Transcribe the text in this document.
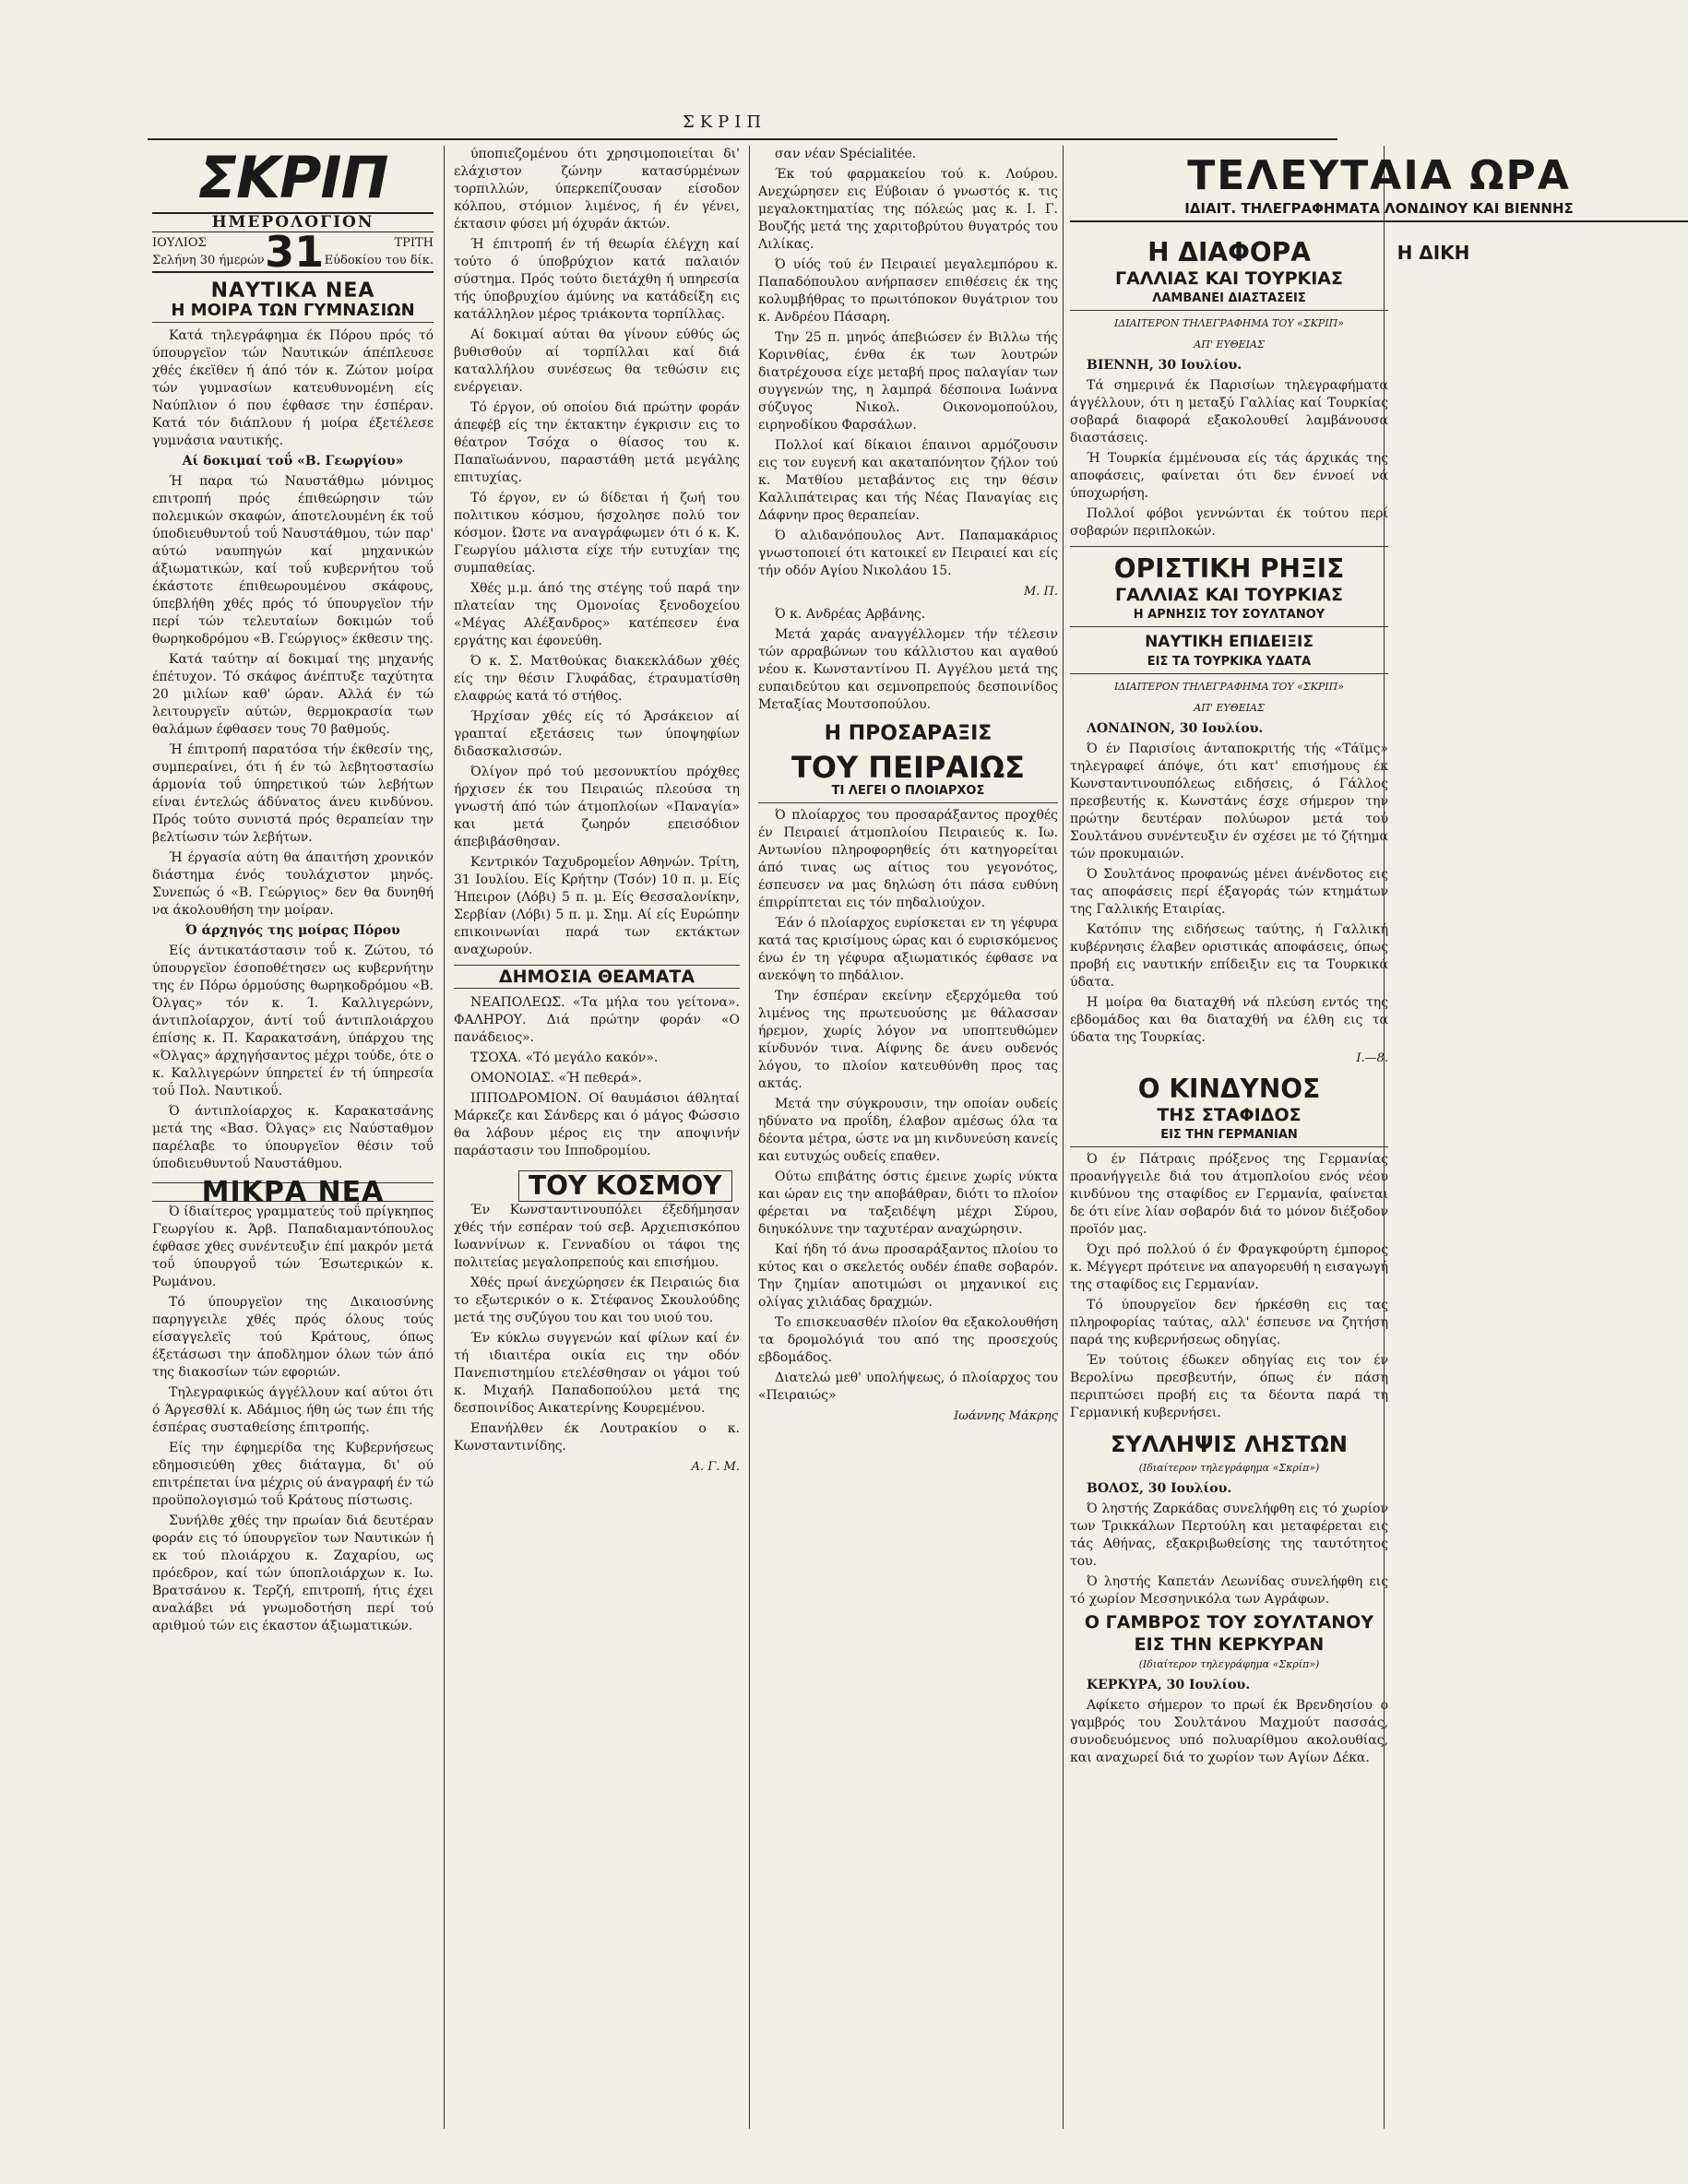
ΣΚΡΙΠ
ΣΚΡΙΠ
ΗΜΕΡΟΛΟΓΙΟΝ
ΙΟΥΛΙΟΣ
Σελήνη 30 ήμερών 31	ΤΡΙΤΗ
Εύδοκίου του δίκ.
ΝΑΥΤΙΚΑ ΝΕΑ
Η ΜΟΙΡΑ ΤΩΝ ΓΥΜΝΑΣΙΩΝ

Κατά τηλεγράφημα έκ Πόρου πρός τό ύπουργεϊον τών Ναυτικών άπέπλευσε χθές έκεϊθεν ή άπό τόν κ. Ζώτον μοίρα τών γυμνασίων κατευθυνομένη είς Ναύπλιον ό που έφθασε την έσπέραν. Κατά τόν διάπλουν ή μοίρα έξετέλεσε γυμνάσια ναυτικής.

Αί δοκιμαί τοΰ «Β. Γεωργίου»

Ή παρα τώ Ναυστάθμω μόνιμος επιτροπή πρός έπιθεώρησιν τών πολεμικών σκαφών, άποτελουμένη έκ τοΰ ύποδιευθυντοΰ τοΰ Ναυστάθμου, τών παρ' αύτώ ναυπηγών καί μηχανικών άξιωματικών, καί τοΰ κυβερνήτου τοΰ έκάστοτε έπιθεωρουμένου σκάφους, ύπεβλήθη χθές πρός τό ύπουργεϊον τήν περί τών τελευταίων δοκιμών τοΰ θωρηκοδρόμου «Β. Γεώργιος» έκθεσιν της.

Κατά ταύτην αί δοκιμαί της μηχανής έπέτυχον. Τό σκάφος άνέπτυξε ταχύτητα 20 μιλίων καθ' ώραν. Αλλά έν τώ λειτουργεϊν αύτών, θερμοκρασία των θαλάμων έφθασεν τους 70 βαθμούς.

Ή έπιτροπή παρατόσα τήν έκθεσίν της, συμπεραίνει, ότι ή έν τώ λεβητοστασίω άρμονία τοΰ ύπηρετικού τών λεβήτων είναι έντελώς άδύνατος άνευ κινδύνου. Πρός τούτο συνιστά πρός θεραπείαν την βελτίωσιν τών λεβήτων.

Ή έργασία αύτη θα άπαιτήση χρονικόν διάστημα ένός τουλάχιστον μηνός. Συνεπώς ό «Β. Γεώργιος» δεν θα δυνηθή να άκολουθήση την μοίραν.

Ό άρχηγός της μοίρας Πόρου

Είς άντικατάστασιν τοΰ κ. Ζώτου, τό ύπουργεϊον έσοποθέτησεν ως κυβερνήτην της έν Πόρω όρμούσης θωρηκοδρόμου «Β. Όλγας» τόν κ. Ί. Καλλιγερώνν, άντιπλοίαρχον, άντί τοΰ άντιπλοιάρχου έπίσης κ. Π. Καρακατσάνη, ύπάρχου της «Όλγας» άρχηγήσαντος μέχρι τούδε, ότε ο κ. Καλλιγερώνν ύπηρετεί έν τή ύπηρεσία τοΰ Πολ. Ναυτικοΰ.

Ό άντιπλοίαρχος κ. Καρακατσάνης μετά της «Βασ. Όλγας» εις Ναύσταθμον παρέλαβε το ύπουργεϊον θέσιν τοΰ ύποδιευθυντοΰ Ναυστάθμου.

ΜΙΚΡΑ ΝΕΑ

Ό ίδιαίτερος γραμματεύς τοΰ πρίγκηπος Γεωργίου κ. Άρβ. Παπαδιαμαντόπουλος έφθασε χθες συνέντευξιν έπί μακρόν μετά τοΰ ύπουργοΰ τών Έσωτερικών κ. Ρωμάνου.

Τό ύπουργεϊον της Δικαιοσύνης παρηγγειλε χθές πρός όλους τούς είσαγγελεϊς τού Κράτους, όπως έξετάσωσι την άποδλημον όλων τών άπό της διακοσίων τών εφοριών.

Τηλεγραφικώς άγγέλλουν καί αύτοι ότι ό Άργεσθλί κ. Αδάμιος ήθη ώς των έπι τής έσπέρας συσταθείσης έπιτροπής.

Είς την έφημερίδα της Κυβερνήσεως εδημοσιεύθη χθες διάταγμα, δι' ού επιτρέπεται ίνα μέχρις ού άναγραφή έν τώ προϋπολογισμώ τοΰ Κράτους πίστωσις.

Συνήλθε χθές την πρωίαν διά δευτέραν φοράν εις τό ύπουργεϊον των Ναυτικών ή εκ τού πλοιάρχου κ. Ζαχαρίου, ως πρόεδρον, καί τών ύποπλοιάρχων κ. Ιω. Βρατσάνου κ. Τερζή, επιτροπή, ήτις έχει αναλάβει νά γνωμοδοτήση περί τού αριθμού τών εις έκαστον άξιωματικών.

ύποπιεζομένου ότι χρησιμοποιείται δι' ελάχιστον ζώνην κατασύρμένων τορπιλλών, ύπερκεπίζουσαν είσοδον κόλπου, στόμιον λιμένος, ή έν γένει, έκτασιν φύσει μή όχυράν άκτών.

Ή έπιτροπή έν τή θεωρία έλέγχη καί τούτο ό ύποβρύχιον κατά παλαιόν σύστημα. Πρός τούτο διετάχθη ή υπηρεσία τής ύποβρυχίου άμύνης να κατάδείξη εις κατάλληλον μέρος τριάκοντα τορπίλλας.

Αί δοκιμαί αύται θα γίνουν εύθύς ώς βυθισθούν αί τορπίλλαι καί διά καταλλήλου συνέσεως θα τεθώσιν εις ενέργειαν.

Τό έργον, ού οποίου διά πρώτην φοράν άπεφέβ είς την έκτακτην έγκρισιν εις το θέατρον Τσόχα ο θίασος του κ. Παπαϊωάννου, παραστάθη μετά μεγάλης επιτυχίας.

Τό έργον, εν ώ δίδεται ή ζωή του πολιτικου κόσμου, ήσχολησε πολύ τον κόσμον. Ώστε να αναγράφωμεν ότι ό κ. Κ. Γεωργίου μάλιστα είχε τήν ευτυχίαν της συμπαθείας.

Χθές μ.μ. άπό της στέγης τοΰ παρά την πλατείαν της Ομονοίας ξενοδοχείου «Μέγας Αλέξανδρος» κατέπεσεν ένα εργάτης και έφονεύθη.

Ό κ. Σ. Ματθούκας διακεκλάδων χθές είς την θέσιν Γλυφάδας, έτραυματίσθη ελαφρώς κατά τό στήθος.

Ήρχίσαν χθές είς τό Άρσάκειον αί γραπταί εξετάσεις των ύποψηφίων διδασκαλισσών.

Όλίγον πρό τού μεσονυκτίου πρόχθες ήρχισεν έκ του Πειραιώς πλεούσα τη γνωστή άπό τών άτμοπλοίων «Παναγία» και μετά ζωηρόν επεισόδιον άπεβιβάσθησαν.

Κεντρικόν Ταχυδρομεΐον Αθηνών. Τρίτη, 31 Ιουλίου. Είς Κρήτην (Τσόν) 10 π. μ. Είς Ήπειρον (Λόβι) 5 π. μ. Είς Θεσσαλονίκην, Σερβίαν (Λόβι) 5 π. μ. Σημ. Αί είς Ευρώπην επικοινωνίαι παρά των εκτάκτων αναχωρούν.

ΔΗΜΟΣΙΑ ΘΕΑΜΑΤΑ

ΝΕΑΠΟΛΕΩΣ. «Τα μήλα του γείτονα». ΦΑΛΗΡΟΥ. Διά πρώτην φοράν «Ο πανάδειος».

ΤΣΟΧΑ. «Τό μεγάλο κακόν».

ΟΜΟΝΟΙΑΣ. «Ή πεθερά».

ΙΠΠΟΔΡΟΜΙΟΝ. Οί θαυμάσιοι άθληταί Μάρκεζε και Σάνδερς και ό μάγος Φώσσιο θα λάβουν μέρος εις την αποψινήν παράστασιν του Ιπποδρομίου.

ΤΟΥ ΚΟΣΜΟΥ

Έν Κωνσταντινουπόλει έξεδήμησαν χθές τήν εσπέραν τού σεβ. Αρχιεπισκόπου Ιωαννίνων κ. Γενναδίου οι τάφοι της πολιτείας μεγαλοπρεπούς και επισήμου.

Χθές πρωί άνεχώρησεν έκ Πειραιώς δια το εξωτερικόν ο κ. Στέφανος Σκουλούδης μετά της συζύγου του και του υιού του.

Έν κύκλω συγγενών καί φίλων καί έν τή ιδιαιτέρα οικία εις την οδόν Πανεπιστημίου ετελέσθησαν οι γάμοι τού κ. Μιχαήλ Παπαδοπούλου μετά της δεσποινίδος Αικατερίνης Κουρεμένου.

Επανήλθεν έκ Λουτρακίου ο κ. Κωνσταντινίδης.

Α. Γ. Μ.

σαν νέαν Spécialitée.

Έκ τού φαρμακείου τού κ. Λούρου. Ανεχώρησεν εις Εύβοιαν ό γνωστός κ. τις μεγαλοκτηματίας της πόλεώς μας κ. Ι. Γ. Βουζής μετά της χαριτοβρύτου θυγατρός του Λιλίκας.

Ό υίός τού έν Πειραιεί μεγαλεμπόρου κ. Παπαδόπουλου ανήρπασεν επιθέσεις έκ της κολυμβήθρας το πρωιτόποκον θυγάτριον του κ. Ανδρέου Πάσαρη.

Την 25 π. μηνός άπεβιώσεν έν Βιλλω τής Κορινθίας, ένθα έκ των λουτρών διατρέχουσα είχε μεταβή προς παλαγίαν των συγγενών της, η λαμπρά δέσποινα Ιωάννα σύζυγος Νικολ. Οικονομοπούλου, ειρηνοδίκου Φαρσάλων.

Πολλοί καί δίκαιοι έπαινοι αρμόζουσιν εις τον ευγενή και ακαταπόνητον ζήλον τού κ. Ματθίου μεταβάντος εις την θέσιν Καλλιπάτειρας και τής Νέας Παναγίας εις Δάφνην προς θεραπείαν.

Ό αλιδανόπουλος Αντ. Παπαμακάριος γνωστοποιεί ότι κατοικεί εν Πειραιεί και είς τήν οδόν Αγίου Νικολάου 15.

Μ. Π.

Ό κ. Ανδρέας Αρβάνης.

Μετά χαράς αναγγέλλομεν τήν τέλεσιν τών αρραβώνων του κάλλιστου και αγαθού νέου κ. Κωνσταντίνου Π. Αγγέλου μετά της ευπαιδεύτου και σεμνοπρεπούς δεσποινίδος Μεταξίας Μουτσοπούλου.

Η ΠΡΟΣΑΡΑΞΙΣ
ΤΟΥ ΠΕΙΡΑΙΩΣ
ΤΙ ΛΕΓΕΙ Ο ΠΛΟΙΑΡΧΟΣ

Ό πλοίαρχος του προσαράξαντος προχθές έν Πειραιεί άτμοπλοίου Πειραιεύς κ. Ιω. Αντωνίου πληροφορηθείς ότι κατηγορείται άπό τινας ως αίτιος του γεγονότος, έσπευσεν να μας δηλώση ότι πάσα ευθύνη έπιρρίπτεται εις τόν πηδαλιούχον.

Έάν ό πλοίαρχος ευρίσκεται εν τη γέφυρα κατά τας κρισίμους ώρας και ό ευρισκόμενος ένω έν τη γέφυρα αξιωματικός έφθασε να ανεκόψη το πηδάλιον.

Την έσπέραν εκείνην εξερχόμεθα τού λιμένος της πρωτευούσης με θάλασσαν ήρεμον, χωρίς λόγον να υποπτευθώμεν κίνδυνόν τινα. Αίφνης δε άνευ ουδενός λόγου, το πλοίον κατευθύνθη προς τας ακτάς.

Μετά την σύγκρουσιν, την οποίαν ουδείς ηδύνατο να προΐδη, έλαβον αμέσως όλα τα δέοντα μέτρα, ώστε να μη κινδυνεύση κανείς και ευτυχώς ουδείς επαθεν.

Ούτω επιβάτης όστις έμεινε χωρίς νύκτα και ώραν εις την αποβάθραν, διότι το πλοίον φέρεται να ταξειδέψη μέχρι Σύρου, διηυκόλυνε την ταχυτέραν αναχώρησιν.

Καί ήδη τό άνω προσαράξαντος πλοίου το κύτος και ο σκελετός ουδέν έπαθε σοβαρόν. Την ζημίαν αποτιμώσι οι μηχανικοί εις ολίγας χιλιάδας δραχμών.

Το επισκευασθέν πλοίον θα εξακολουθήση τα δρομολόγιά του από της προσεχούς εβδομάδος.

Διατελώ μεθ' υπολήψεως, ό πλοίαρχος του «Πειραιώς»

Ιωάννης Μάκρης
ΤΕΛΕΥΤΑΙΑ ΩΡΑ
ΙΔΙΑΙΤ. ΤΗΛΕΓΡΑΦΗΜΑΤΑ ΛΟΝΔΙΝΟΥ ΚΑΙ ΒΙΕΝΝΗΣ
Η ΔΙΑΦΟΡΑ
ΓΑΛΛΙΑΣ ΚΑΙ ΤΟΥΡΚΙΑΣ
ΛΑΜΒΑΝΕΙ ΔΙΑΣΤΑΣΕΙΣ
ΙΔΙΑΙΤΕΡΟΝ ΤΗΛΕΓΡΑΦΗΜΑ ΤΟΥ «ΣΚΡΙΠ»
ΑΠ' ΕΥΘΕΙΑΣ

ΒΙΕΝΝΗ, 30 Ιουλίου.

Τά σημερινά έκ Παρισίων τηλεγραφήματα άγγέλλουν, ότι η μεταξύ Γαλλίας καί Τουρκίας σοβαρά διαφορά εξακολουθεί λαμβάνουσα διαστάσεις.

Ή Τουρκία έμμένουσα είς τάς άρχικάς της αποφάσεις, φαίνεται ότι δεν έννοεί νά ύποχωρήση.

Πολλοί φόβοι γεννώνται έκ τούτου περί σοβαρών περιπλοκών.

ΟΡΙΣΤΙΚΗ ΡΗΞΙΣ
ΓΑΛΛΙΑΣ ΚΑΙ ΤΟΥΡΚΙΑΣ
Η ΑΡΝΗΣΙΣ ΤΟΥ ΣΟΥΛΤΑΝΟΥ
ΝΑΥΤΙΚΗ ΕΠΙΔΕΙΞΙΣ
ΕΙΣ ΤΑ ΤΟΥΡΚΙΚΑ ΥΔΑΤΑ
ΙΔΙΑΙΤΕΡΟΝ ΤΗΛΕΓΡΑΦΗΜΑ ΤΟΥ «ΣΚΡΙΠ»
ΑΠ' ΕΥΘΕΙΑΣ

ΛΟΝΔΙΝΟΝ, 30 Ιουλίου.

Ό έν Παρισίοις άνταποκριτής τής «Τάϊμς» τηλεγραφεί άπόψε, ότι κατ' επισήμους έκ Κωνσταντινουπόλεως ειδήσεις, ό Γάλλος πρεσβευτής κ. Κωνστάνς έσχε σήμερον την πρώτην δευτέραν πολύωρον μετά τού Σουλτάνου συνέντευξιν έν σχέσει με τό ζήτημα τών προκυμαιών.

Ό Σουλτάνος προφανώς μένει άνένδοτος εις τας αποφάσεις περί έξαγοράς τών κτημάτων της Γαλλικής Εταιρίας.

Κατόπιν της ειδήσεως ταύτης, ή Γαλλική κυβέρνησις έλαβεν οριστικάς αποφάσεις, όπως προβή εις ναυτικήν επίδειξιν εις τα Τουρκικά ύδατα.

Η μοίρα θα διαταχθή νά πλεύση εντός της εβδομάδος και θα διαταχθή να έλθη εις τα ύδατα της Τουρκίας.

Ι.—8.
Ο ΚΙΝΔΥΝΟΣ
ΤΗΣ ΣΤΑΦΙΔΟΣ
ΕΙΣ ΤΗΝ ΓΕΡΜΑΝΙΑΝ

Ό έν Πάτραις πρόξενος της Γερμανίας προανήγγειλε διά του άτμοπλοίου ενός νέου κινδύνου της σταφίδος εν Γερμανία, φαίνεται δε ότι είνε λίαν σοβαρόν διά το μόνον διέξοδον προϊόν μας.

Όχι πρό πολλού ό έν Φραγκφούρτη έμπορος κ. Μέγγερτ πρότεινε να απαγορευθή η εισαγωγή της σταφίδος εις Γερμανίαν.

Τό ύπουργεϊον δεν ήρκέσθη εις τας πληροφορίας ταύτας, αλλ' έσπευσε να ζητήση παρά της κυβερνήσεως οδηγίας.

Έν τούτοις έδωκεν οδηγίας εις τον έν Βερολίνω πρεσβευτήν, όπως έν πάση περιπτώσει προβή εις τα δέοντα παρά τη Γερμανική κυβερνήσει.

ΣΥΛΛΗΨΙΣ ΛΗΣΤΩΝ
(Ιδιαίτερον τηλεγράφημα «Σκρίπ»)

ΒΟΛΟΣ, 30 Ιουλίου.

Ό ληστής Ζαρκάδας συνελήφθη εις τό χωρίον των Τρικκάλων Περτούλη και μεταφέρεται εις τάς Αθήνας, εξακριβωθείσης της ταυτότητος του.

Ό ληστής Καπετάν Λεωνίδας συνελήφθη εις τό χωρίον Μεσσηνικόλα των Αγράφων.

Ο ΓΑΜΒΡΟΣ ΤΟΥ ΣΟΥΛΤΑΝΟΥ
ΕΙΣ ΤΗΝ ΚΕΡΚΥΡΑΝ
(Ιδιαίτερον τηλεγράφημα «Σκρίπ»)

ΚΕΡΚΥΡΑ, 30 Ιουλίου.

Αφίκετο σήμερον το πρωί έκ Βρενδησίου ο γαμβρός του Σουλτάνου Μαχμούτ πασσάς, συνοδευόμενος υπό πολυαρίθμου ακολουθίας, και αναχωρεί διά το χωρίον των Αγίων Δέκα.

Η ΔΙΚΗ
